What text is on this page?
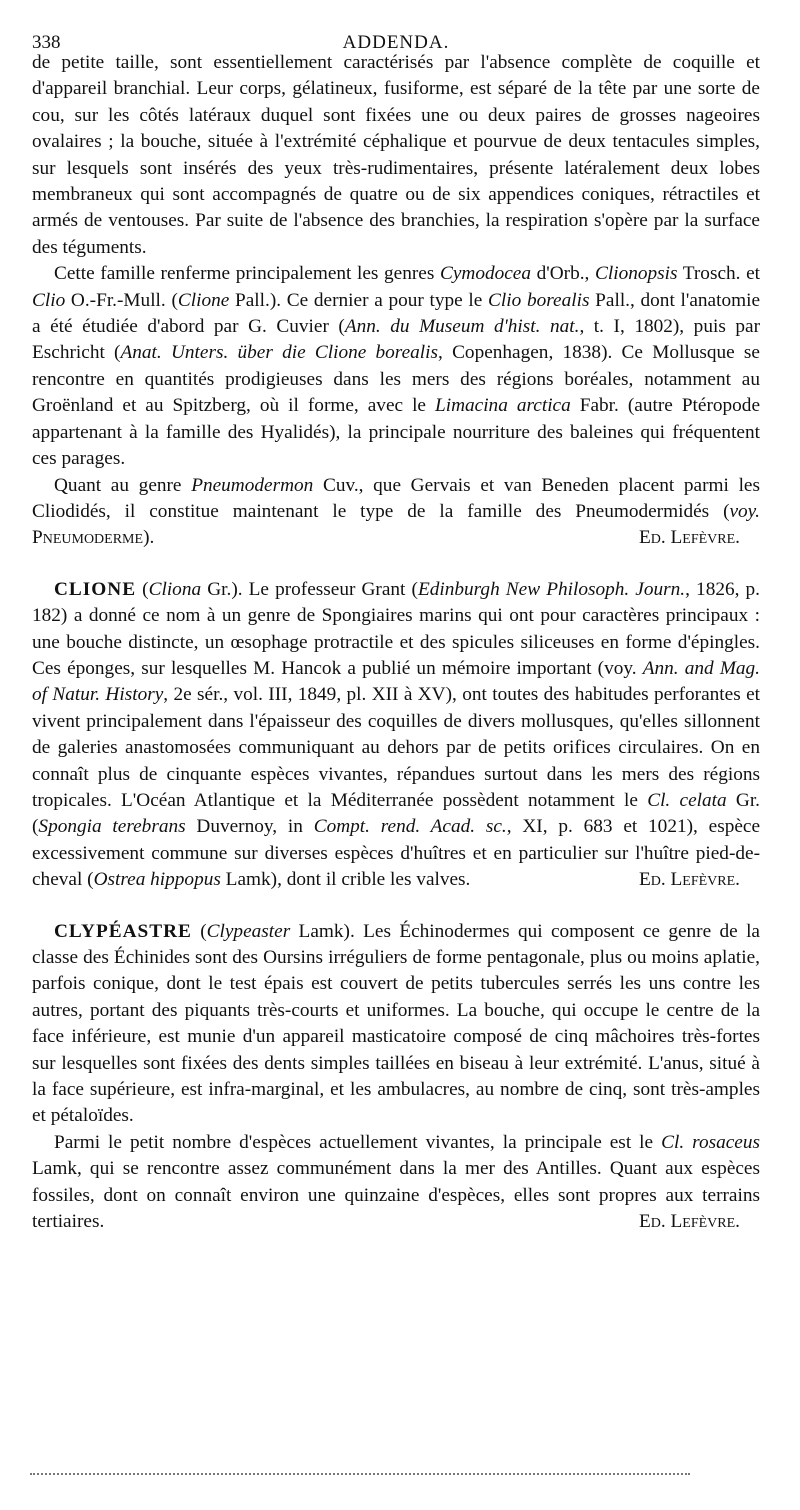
338	ADDENDA.

de petite taille, sont essentiellement caractérisés par l'absence complète de coquille et d'appareil branchial. Leur corps, gélatineux, fusiforme, est séparé de la tête par une sorte de cou, sur les côtés latéraux duquel sont fixées une ou deux paires de grosses nageoires ovalaires ; la bouche, située à l'extrémité céphalique et pourvue de deux tentacules simples, sur lesquels sont insérés des yeux très-rudimentaires, présente latéralement deux lobes membraneux qui sont accompagnés de quatre ou de six appendices coniques, rétractiles et armés de ventouses. Par suite de l'absence des branchies, la respiration s'opère par la surface des téguments.

Cette famille renferme principalement les genres Cymodocea d'Orb., Clionopsis Trosch. et Clio O.-Fr.-Mull. (Clione Pall.). Ce dernier a pour type le Clio borealis Pall., dont l'anatomie a été étudiée d'abord par G. Cuvier (Ann. du Museum d'hist. nat., t. I, 1802), puis par Eschricht (Anat. Unters. über die Clione borealis, Copenhagen, 1838). Ce Mollusque se rencontre en quantités prodigieuses dans les mers des régions boréales, notamment au Groënland et au Spitzberg, où il forme, avec le Limacina arctica Fabr. (autre Ptéropode appartenant à la famille des Hyalidés), la principale nourriture des baleines qui fréquentent ces parages.

Quant au genre Pneumodermon Cuv., que Gervais et van Beneden placent parmi les Cliodidés, il constitue maintenant le type de la famille des Pneumodermidés (voy. Pneumoderme).	Ed. Lefèvre.

CLIONE (Cliona Gr.). Le professeur Grant (Edinburgh New Philosoph. Journ., 1826, p. 182) a donné ce nom à un genre de Spongiaires marins qui ont pour caractères principaux : une bouche distincte, un œsophage protractile et des spicules siliceuses en forme d'épingles. Ces éponges, sur lesquelles M. Hancok a publié un mémoire important (voy. Ann. and Mag. of Natur. History, 2e sér., vol. III, 1849, pl. XII à XV), ont toutes des habitudes perforantes et vivent principalement dans l'épaisseur des coquilles de divers mollusques, qu'elles sillonnent de galeries anastomosées communiquant au dehors par de petits orifices circulaires. On en connaît plus de cinquante espèces vivantes, répandues surtout dans les mers des régions tropicales. L'Océan Atlantique et la Méditerranée possèdent notamment le Cl. celata Gr. (Spongia terebrans Duvernoy, in Compt. rend. Acad. sc., XI, p. 683 et 1021), espèce excessivement commune sur diverses espèces d'huîtres et en particulier sur l'huître pied-de-cheval (Ostrea hippopus Lamk), dont il crible les valves.	Ed. Lefèvre.

CLYPÉASTRE (Clypeaster Lamk). Les Échinodermes qui composent ce genre de la classe des Échinides sont des Oursins irréguliers de forme pentagonale, plus ou moins aplatie, parfois conique, dont le test épais est couvert de petits tubercules serrés les uns contre les autres, portant des piquants très-courts et uniformes. La bouche, qui occupe le centre de la face inférieure, est munie d'un appareil masticatoire composé de cinq mâchoires très-fortes sur lesquelles sont fixées des dents simples taillées en biseau à leur extrémité. L'anus, situé à la face supérieure, est infra-marginal, et les ambulacres, au nombre de cinq, sont très-amples et pétaloïdes.

Parmi le petit nombre d'espèces actuellement vivantes, la principale est le Cl. rosaceus Lamk, qui se rencontre assez communément dans la mer des Antilles. Quant aux espèces fossiles, dont on connaît environ une quinzaine d'espèces, elles sont propres aux terrains tertiaires.	Ed. Lefèvre.
